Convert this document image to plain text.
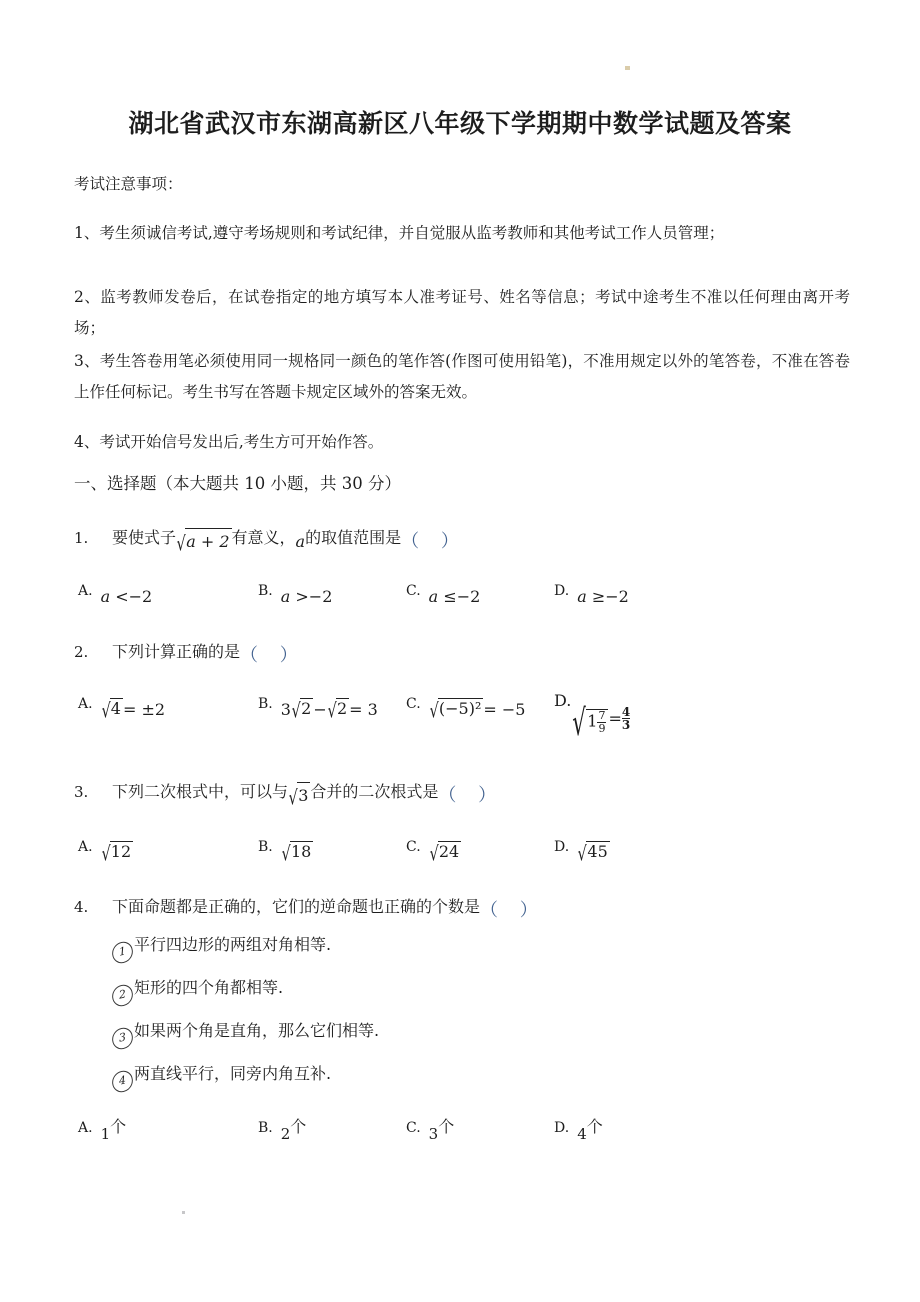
湖北省武汉市东湖高新区八年级下学期期中数学试题及答案
考试注意事项：
1、考生须诚信考试,遵守考场规则和考试纪律，并自觉服从监考教师和其他考试工作人员管理；
2、监考教师发卷后，在试卷指定的地方填写本人准考证号、姓名等信息；考试中途考生不准以任何理由离开考场；
3、考生答卷用笔必须使用同一规格同一颜色的笔作答(作图可使用铅笔)，不准用规定以外的笔答卷，不准在答卷上作任何标记。考生书写在答题卡规定区域外的答案无效。
4、考试开始信号发出后,考生方可开始作答。
一、选择题（本大题共 10 小题，共 30 分）
1. 要使式子√a + 2 有意义，a的取值范围是（ ）
A. a <−2	B. a >−2	C. a ≤−2	D. a ≥−2
2. 下列计算正确的是（ ）
A. √4 = ±2	B. 3√2 −√2 = 3 C. √(−5)² = −5 $D.√1 \frac{7}{9} = \frac{4}{3}$
3. 下列二次根式中，可以与√3 合并的二次根式是（ ）
A. √12	B. √18	C. √24	D. √45
4. 下面命题都是正确的，它们的逆命题也正确的个数是（ ）
1 平行四边形的两组对角相等.
2 矩形的四个角都相等.
3 如果两个角是直角，那么它们相等.
4 两直线平行，同旁内角互补.
A. 1个	B. 2个	C. 3个	D. 4个
